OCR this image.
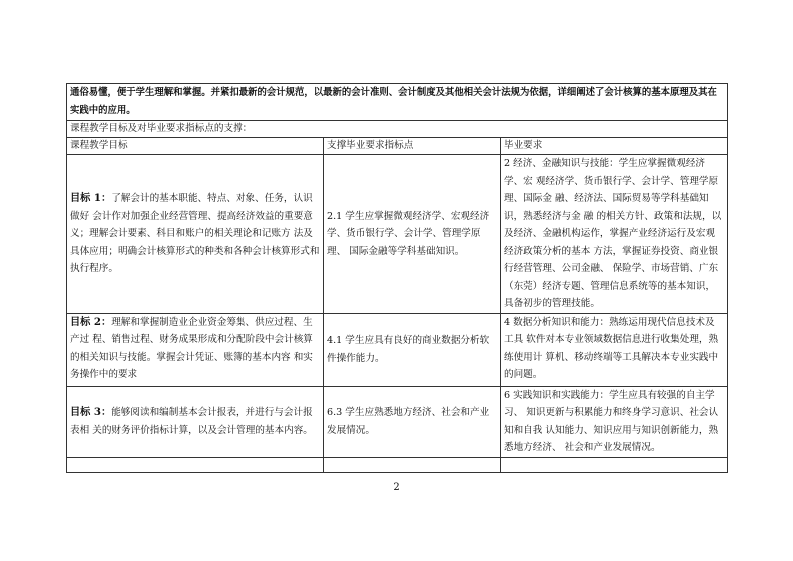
通俗易懂，便于学生理解和掌握。并紧扣最新的会计规范，以最新的会计准则、会计制度及其他相关会计法规为依据，详细阐述了会计核算的基本原理及其在实践中的应用。		
课程教学目标及对毕业要求指标点的支撑：		
课程教学目标	支撑毕业要求指标点	毕业要求
目标 1：了解会计的基本职能、特点、对象、任务，认识做好 会计作对加强企业经营管理、提高经济效益的重要意 义；理解会计要素、科目和账户的相关理论和记账方 法及具体应用；明确会计核算形式的种类和各种会计核算形式和执行程序。	2.1 学生应掌握微观经济学、宏观经济学、货币银行学、会计学、管理学原理、 国际金融等学科基础知识。	2 经济、金融知识与技能：学生应掌握微观经济学、宏 观经济学、货币银行学、会计学、管理学原理、国际金 融、经济法、国际贸易等学科基础知识，熟悉经济与金 融 的相关方针、政策和法规，以及经济、金融机构运作，掌握产业经济运行及宏观经济政策分析的基本 方法，掌握证券投资、商业银行经营管理、公司金融、 保险学、市场营销、广东（东莞）经济专题、管理信息系统等的基本知识，具备初步的管理技能。
目标 2：理解和掌握制造业企业资金筹集、供应过程、生产过 程、销售过程、财务成果形成和分配阶段中会计核算 的相关知识与技能。掌握会计凭证、账簿的基本内容 和实务操作中的要求	4.1 学生应具有良好的商业数据分析软件操作能力。	4 数据分析知识和能力：熟练运用现代信息技术及工具 软件对本专业领域数据信息进行收集处理，熟练使用计 算机、移动终端等工具解决本专业实践中的问题。
目标 3：能够阅读和编制基本会计报表，并进行与会计报表相 关的财务评价指标计算，以及会计管理的基本内容。	6.3 学生应熟悉地方经济、社会和产业发展情况。	6 实践知识和实践能力：学生应具有较强的自主学习、 知识更新与积累能力和终身学习意识、社会认知和自我 认知能力、知识应用与知识创新能力，熟悉地方经济、 社会和产业发展情况。

2
